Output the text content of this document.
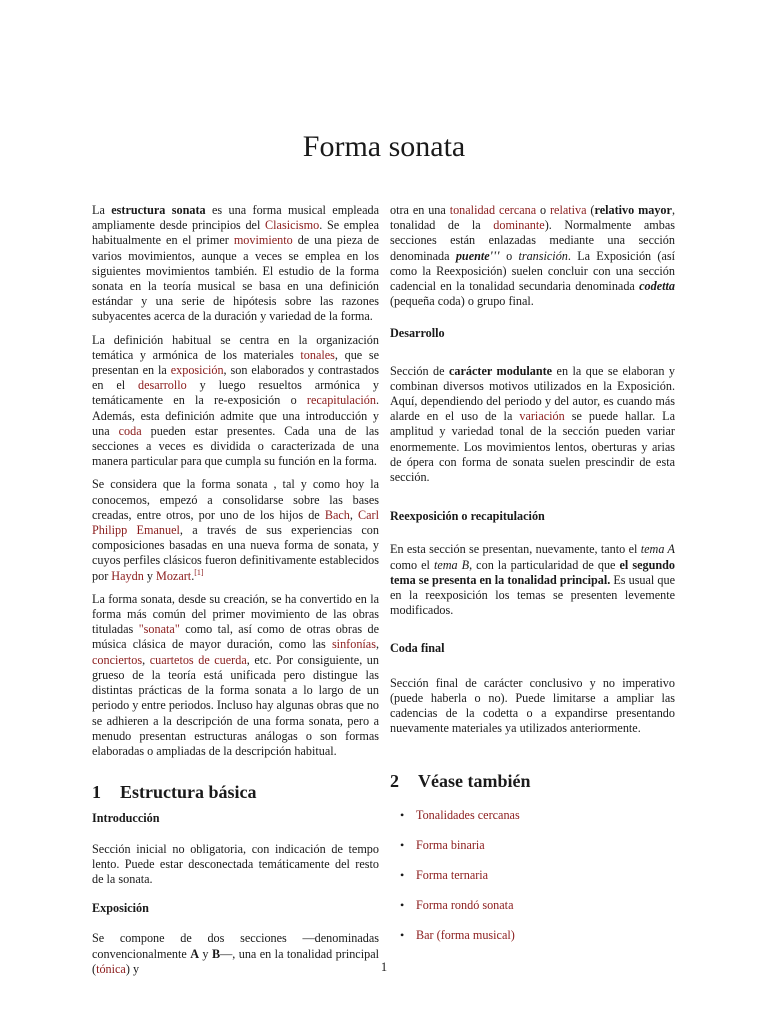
Forma sonata

La estructura sonata es una forma musical empleada ampliamente desde principios del Clasicismo. Se emplea habitualmente en el primer movimiento de una pieza de varios movimientos, aunque a veces se emplea en los siguientes movimientos también. El estudio de la forma sonata en la teoría musical se basa en una definición estándar y una serie de hipótesis sobre las razones subyacentes acerca de la duración y variedad de la forma.

La definición habitual se centra en la organización temática y armónica de los materiales tonales, que se presentan en la exposición, son elaborados y contrastados en el desarrollo y luego resueltos armónica y temáticamente en la re-exposición o recapitulación. Además, esta definición admite que una introducción y una coda pueden estar presentes. Cada una de las secciones a veces es dividida o caracterizada de una manera particular para que cumpla su función en la forma.

Se considera que la forma sonata , tal y como hoy la conocemos, empezó a consolidarse sobre las bases creadas, entre otros, por uno de los hijos de Bach, Carl Philipp Emanuel, a través de sus experiencias con composiciones basadas en una nueva forma de sonata, y cuyos perfiles clásicos fueron definitivamente establecidos por Haydn y Mozart.[1]

La forma sonata, desde su creación, se ha convertido en la forma más común del primer movimiento de las obras tituladas "sonata" como tal, así como de otras obras de música clásica de mayor duración, como las sinfonías, conciertos, cuartetos de cuerda, etc. Por consiguiente, un grueso de la teoría está unificada pero distingue las distintas prácticas de la forma sonata a lo largo de un periodo y entre periodos. Incluso hay algunas obras que no se adhieren a la descripción de una forma sonata, pero a menudo presentan estructuras análogas o son formas elaboradas o ampliadas de la descripción habitual.

1 Estructura básica
Introducción

Sección inicial no obligatoria, con indicación de tempo lento. Puede estar desconectada temáticamente del resto de la sonata.

Exposición

Se compone de dos secciones —denominadas convencionalmente A y B—, una en la tonalidad principal (tónica) y

otra en una tonalidad cercana o relativa (relativo mayor, tonalidad de la dominante). Normalmente ambas secciones están enlazadas mediante una sección denominada puente''' o transición. La Exposición (así como la Reexposición) suelen concluir con una sección cadencial en la tonalidad secundaria denominada codetta (pequeña coda) o grupo final.

Desarrollo

Sección de carácter modulante en la que se elaboran y combinan diversos motivos utilizados en la Exposición. Aquí, dependiendo del periodo y del autor, es cuando más alarde en el uso de la variación se puede hallar. La amplitud y variedad tonal de la sección pueden variar enormemente. Los movimientos lentos, oberturas y arias de ópera con forma de sonata suelen prescindir de esta sección.

Reexposición o recapitulación

En esta sección se presentan, nuevamente, tanto el tema A como el tema B, con la particularidad de que el segundo tema se presenta en la tonalidad principal. Es usual que en la reexposición los temas se presenten levemente modificados.

Coda final

Sección final de carácter conclusivo y no imperativo (puede haberla o no). Puede limitarse a ampliar las cadencias de la codetta o a expandirse presentando nuevamente materiales ya utilizados anteriormente.

2 Véase también
• Tonalidades cercanas
• Forma binaria
• Forma ternaria
• Forma rondó sonata
• Bar (forma musical)
1
